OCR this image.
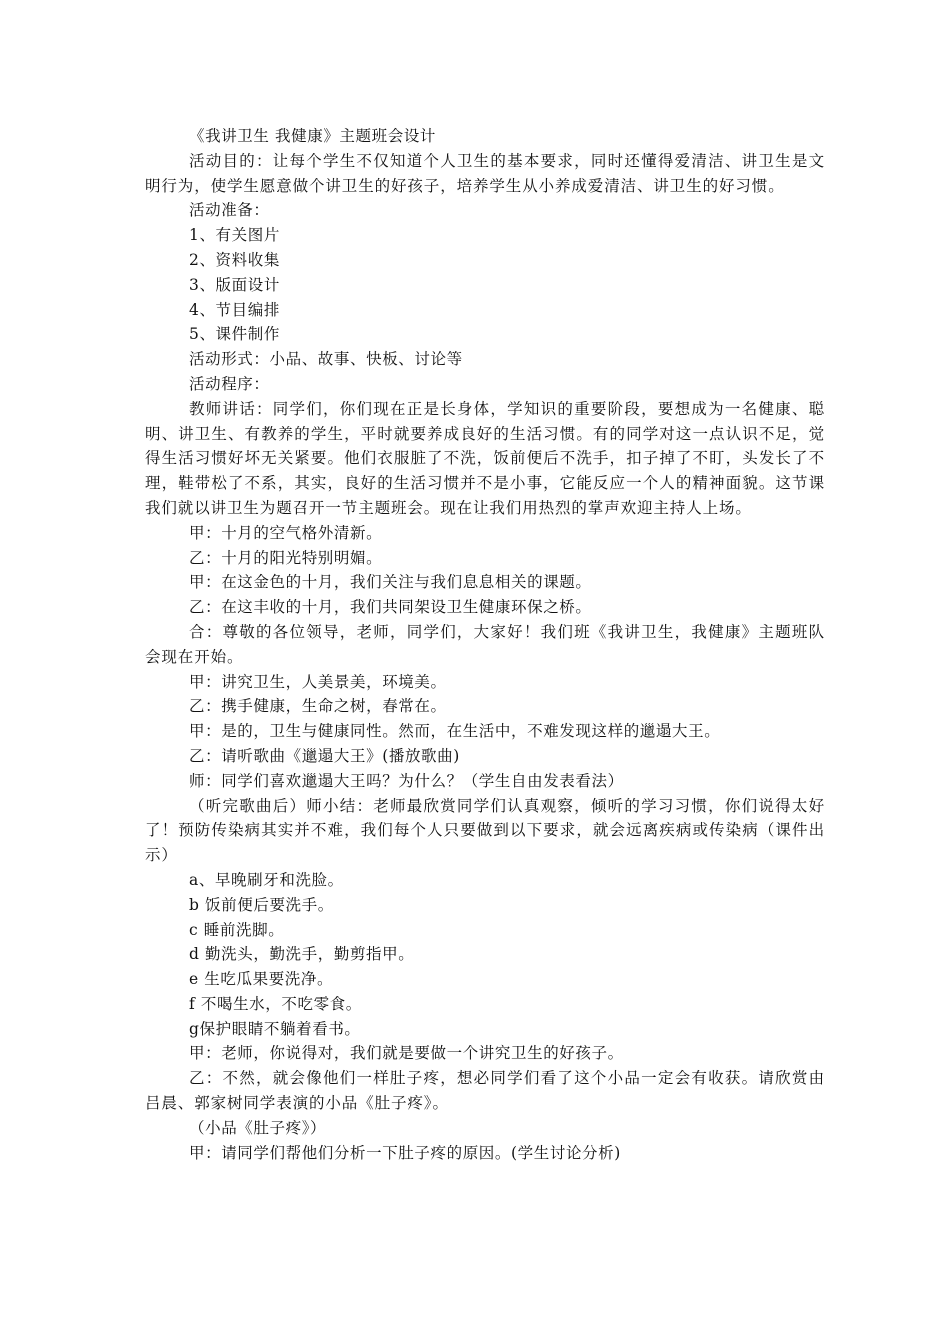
《我讲卫生 我健康》主题班会设计

活动目的：让每个学生不仅知道个人卫生的基本要求，同时还懂得爱清洁、讲卫生是文明行为，使学生愿意做个讲卫生的好孩子，培养学生从小养成爱清洁、讲卫生的好习惯。

活动准备：

1、有关图片

2、资料收集

3、版面设计

4、节目编排

5、课件制作

活动形式：小品、故事、快板、讨论等

活动程序：

教师讲话：同学们，你们现在正是长身体，学知识的重要阶段，要想成为一名健康、聪明、讲卫生、有教养的学生，平时就要养成良好的生活习惯。有的同学对这一点认识不足，觉得生活习惯好坏无关紧要。他们衣服脏了不洗，饭前便后不洗手，扣子掉了不盯，头发长了不理，鞋带松了不系，其实，良好的生活习惯并不是小事，它能反应一个人的精神面貌。这节课我们就以讲卫生为题召开一节主题班会。现在让我们用热烈的掌声欢迎主持人上场。

甲：十月的空气格外清新。

乙：十月的阳光特别明媚。

甲：在这金色的十月，我们关注与我们息息相关的课题。

乙：在这丰收的十月，我们共同架设卫生健康环保之桥。

合：尊敬的各位领导，老师，同学们，大家好！我们班《我讲卫生，我健康》主题班队会现在开始。

甲：讲究卫生，人美景美，环境美。

乙：携手健康，生命之树，春常在。

甲：是的，卫生与健康同性。然而，在生活中，不难发现这样的邋遢大王。

乙：请听歌曲《邋遢大王》(播放歌曲)

师：同学们喜欢邋遢大王吗？为什么？（学生自由发表看法）

（听完歌曲后）师小结：老师最欣赏同学们认真观察，倾听的学习习惯，你们说得太好了！预防传染病其实并不难，我们每个人只要做到以下要求，就会远离疾病或传染病（课件出示）

a、早晚刷牙和洗脸。

b 饭前便后要洗手。

c 睡前洗脚。

d 勤洗头，勤洗手，勤剪指甲。

e 生吃瓜果要洗净。

f 不喝生水，不吃零食。

g保护眼睛不躺着看书。

甲：老师，你说得对，我们就是要做一个讲究卫生的好孩子。

乙：不然，就会像他们一样肚子疼，想必同学们看了这个小品一定会有收获。请欣赏由吕晨、郭家树同学表演的小品《肚子疼》。

（小品《肚子疼》）

甲：请同学们帮他们分析一下肚子疼的原因。(学生讨论分析)
